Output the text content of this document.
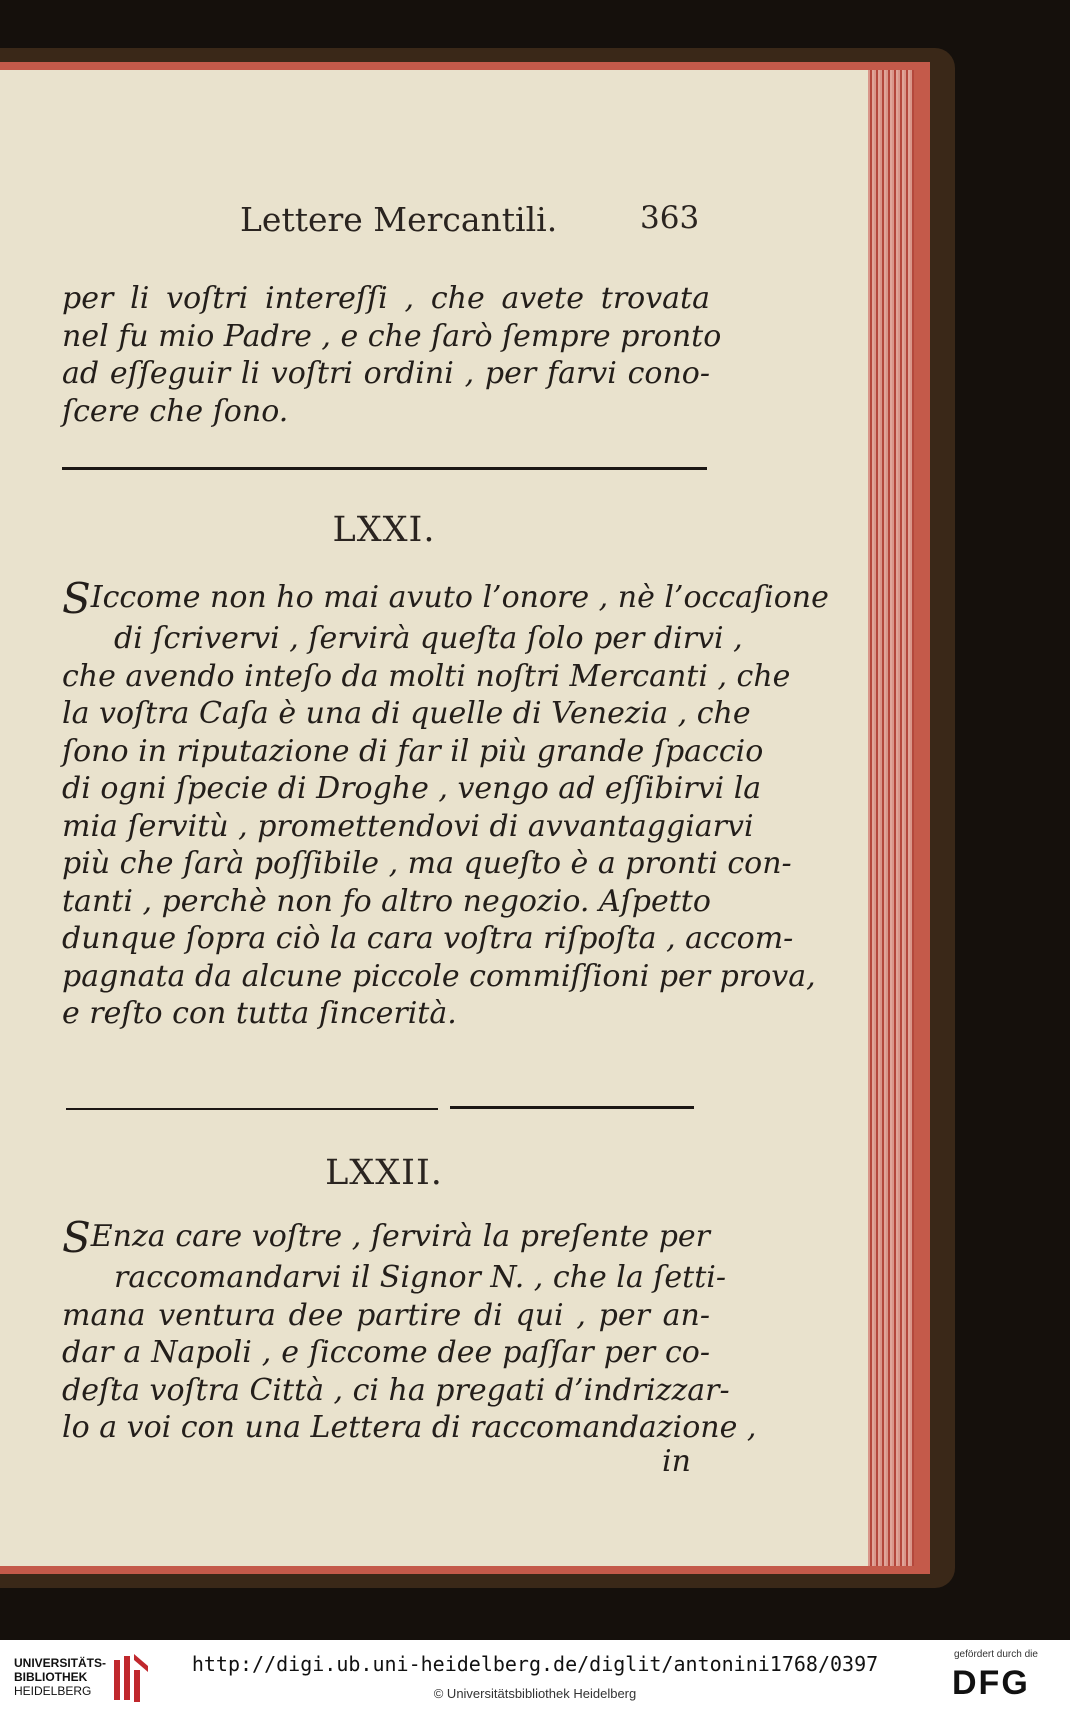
Lettere Mercantili.	363
per li voſtri intereſſi , che avete trovata
nel fu mio Padre , e che ſarò ſempre pronto
ad eſſeguir li voſtri ordini , per farvi cono-
ſcere che ſono.
LXXI.
SIccome non ho mai avuto l’onore , nè l’occaſione
di ſcrivervi , ſervirà queſta ſolo per dirvi ,
che avendo inteſo da molti noſtri Mercanti , che
la voſtra Caſa è una di quelle di Venezia , che
ſono in riputazione di far il più grande ſpaccio
di ogni ſpecie di Droghe , vengo ad eſſibirvi la
mia ſervitù , promettendovi di avvantaggiarvi
più che ſarà poſſibile , ma queſto è a pronti con-
tanti , perchè non fo altro negozio. Aſpetto
dunque ſopra ciò la cara voſtra riſpoſta , accom-
pagnata da alcune piccole commiſſioni per prova,
e reſto con tutta ſincerità.
LXXII.
SEnza care voſtre , ſervirà la preſente per
raccomandarvi il Signor N. , che la ſetti-
mana ventura dee partire di qui , per an-
dar a Napoli , e ſiccome dee paſſar per co-
deſta voſtra Città , ci ha pregati d’indrizzar-
lo a voi con una Lettera di raccomandazione ,
in
UNIVERSITÄTS-
BIBLIOTHEK
HEIDELBERG
http://digi.ub.uni-heidelberg.de/diglit/antonini1768/0397
© Universitätsbibliothek Heidelberg
gefördert durch die
DFG
